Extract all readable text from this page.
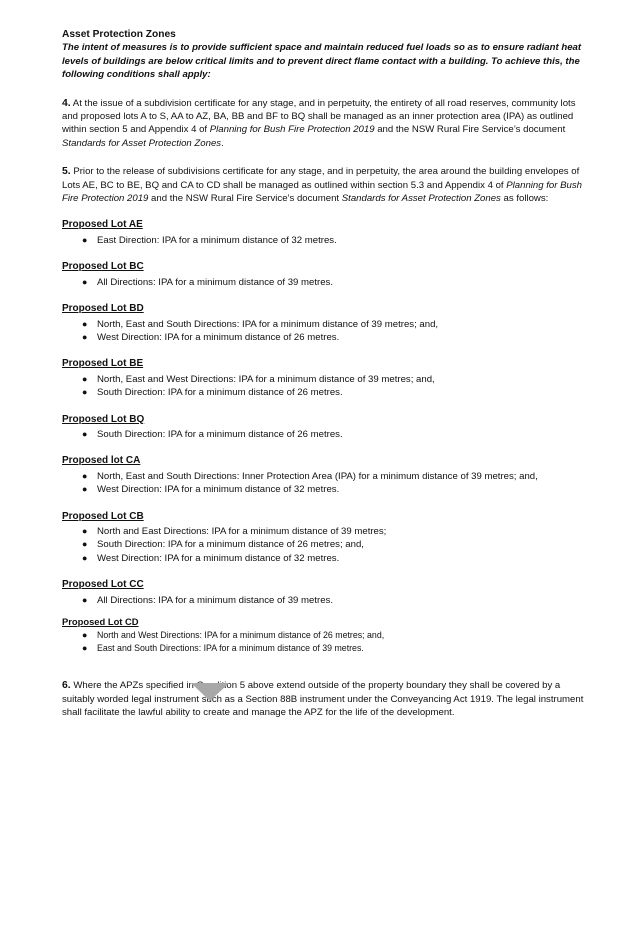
Asset Protection Zones

The intent of measures is to provide sufficient space and maintain reduced fuel loads so as to ensure radiant heat levels of buildings are below critical limits and to prevent direct flame contact with a building. To achieve this, the following conditions shall apply:

4. At the issue of a subdivision certificate for any stage, and in perpetuity, the entirety of all road reserves, community lots and proposed lots A to S, AA to AZ, BA, BB and BF to BQ shall be managed as an inner protection area (IPA) as outlined within section 5 and Appendix 4 of Planning for Bush Fire Protection 2019 and the NSW Rural Fire Service’s document Standards for Asset Protection Zones.

5. Prior to the release of subdivisions certificate for any stage, and in perpetuity, the area around the building envelopes of Lots AE, BC to BE, BQ and CA to CD shall be managed as outlined within section 5.3 and Appendix 4 of Planning for Bush Fire Protection 2019 and the NSW Rural Fire Service’s document Standards for Asset Protection Zones as follows:

Proposed Lot AE

● East Direction: IPA for a minimum distance of 32 metres.

Proposed Lot BC

● All Directions: IPA for a minimum distance of 39 metres.

Proposed Lot BD

● North, East and South Directions: IPA for a minimum distance of 39 metres; and,
● West Direction: IPA for a minimum distance of 26 metres.

Proposed Lot BE

● North, East and West Directions: IPA for a minimum distance of 39 metres; and,
● South Direction: IPA for a minimum distance of 26 metres.

Proposed Lot BQ

● South Direction: IPA for a minimum distance of 26 metres.

Proposed lot CA

● North, East and South Directions: Inner Protection Area (IPA) for a minimum distance of 39 metres; and,
● West Direction: IPA for a minimum distance of 32 metres.

Proposed Lot CB

● North and East Directions: IPA for a minimum distance of 39 metres;
● South Direction: IPA for a minimum distance of 26 metres; and,
● West Direction: IPA for a minimum distance of 32 metres.

Proposed Lot CC

● All Directions: IPA for a minimum distance of 39 metres.

Proposed Lot CD

● North and West Directions: IPA for a minimum distance of 26 metres; and,
● East and South Directions: IPA for a minimum distance of 39 metres.

6. Where the APZs specified in Condition 5 above extend outside of the property boundary they shall be covered by a suitably worded legal instrument such as a Section 88B instrument under the Conveyancing Act 1919. The legal instrument shall facilitate the lawful ability to create and manage the APZ for the life of the development.
